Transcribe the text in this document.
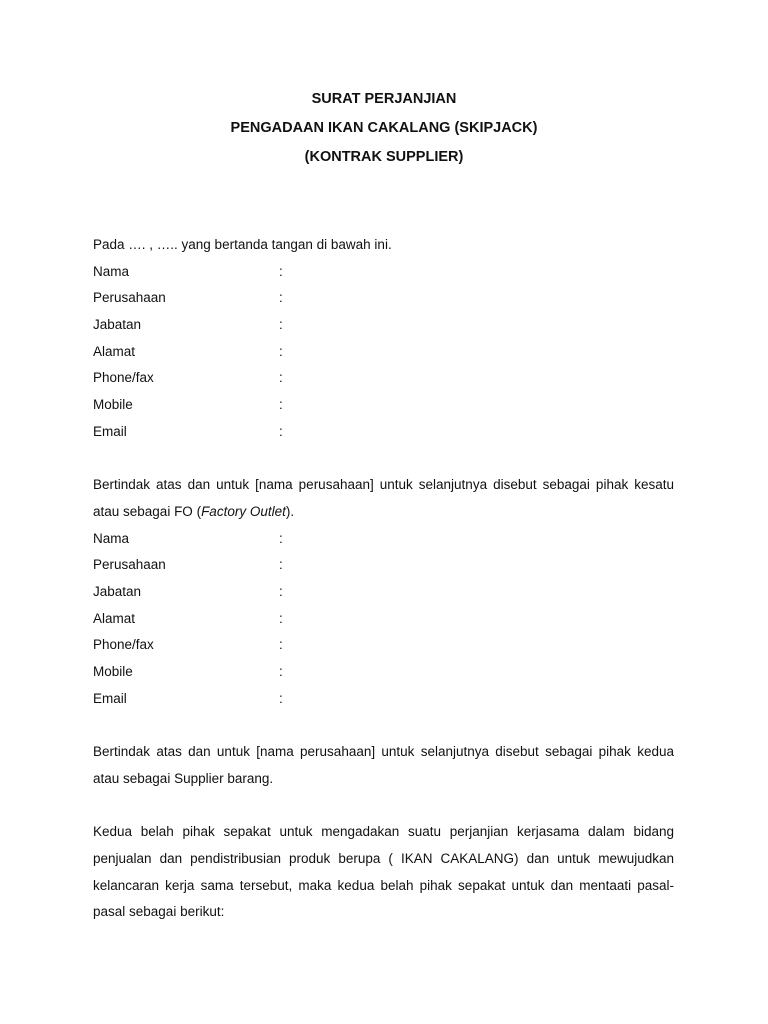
SURAT PERJANJIAN
PENGADAAN IKAN CAKALANG (SKIPJACK)
(KONTRAK SUPPLIER)
Pada …. , ….. yang bertanda tangan di bawah ini.
Nama	:
Perusahaan	:
Jabatan	:
Alamat	:
Phone/fax	:
Mobile	:
Email	:
Bertindak atas dan untuk [nama perusahaan] untuk selanjutnya disebut sebagai pihak kesatu atau sebagai FO (Factory Outlet).
Nama	:
Perusahaan	:
Jabatan	:
Alamat	:
Phone/fax	:
Mobile	:
Email	:
Bertindak atas dan untuk [nama perusahaan] untuk selanjutnya disebut sebagai pihak kedua atau sebagai Supplier barang.
Kedua belah pihak sepakat untuk mengadakan suatu perjanjian kerjasama dalam bidang penjualan dan pendistribusian produk berupa ( IKAN CAKALANG) dan untuk mewujudkan kelancaran kerja sama tersebut, maka kedua belah pihak sepakat untuk dan mentaati pasal-pasal sebagai berikut:
